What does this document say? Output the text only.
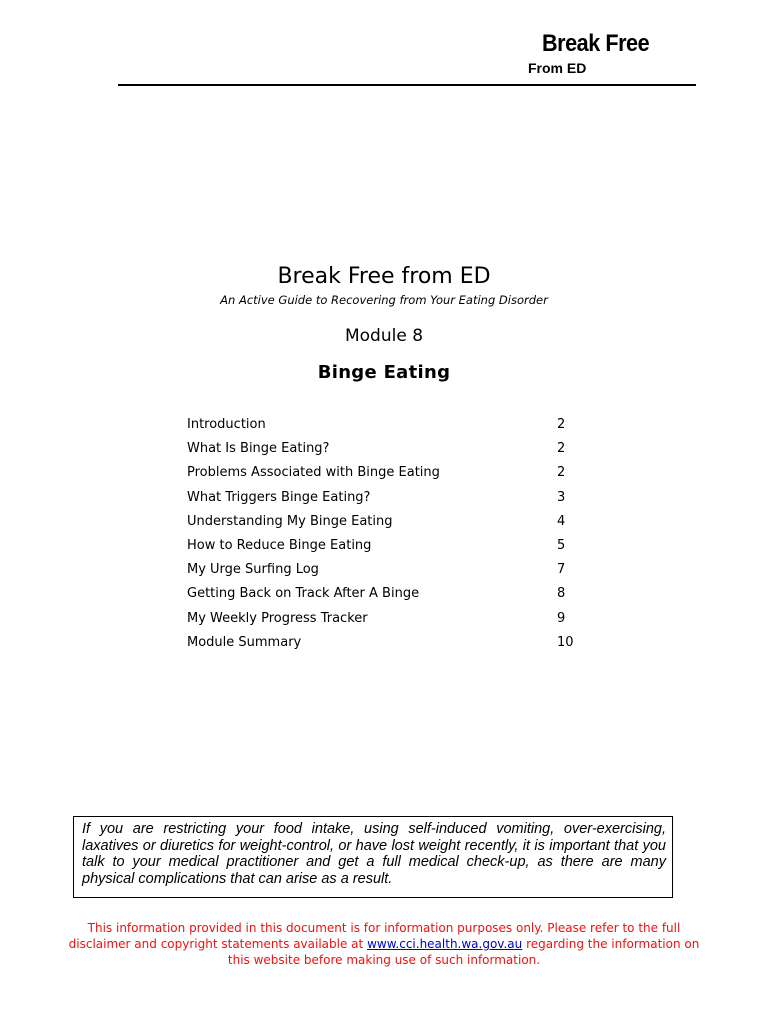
Break Free
From ED
Break Free from ED
An Active Guide to Recovering from Your Eating Disorder
Module 8
Binge Eating
Introduction	2
What Is Binge Eating?	2
Problems Associated with Binge Eating	2
What Triggers Binge Eating?	3
Understanding My Binge Eating	4
How to Reduce Binge Eating	5
My Urge Surfing Log	7
Getting Back on Track After A Binge	8
My Weekly Progress Tracker	9
Module Summary	10
If you are restricting your food intake, using self-induced vomiting, over-exercising, laxatives or diuretics for weight-control, or have lost weight recently, it is important that you talk to your medical practitioner and get a full medical check-up, as there are many physical complications that can arise as a result.
This information provided in this document is for information purposes only. Please refer to the full disclaimer and copyright statements available at www.cci.health.wa.gov.au regarding the information on this website before making use of such information.
